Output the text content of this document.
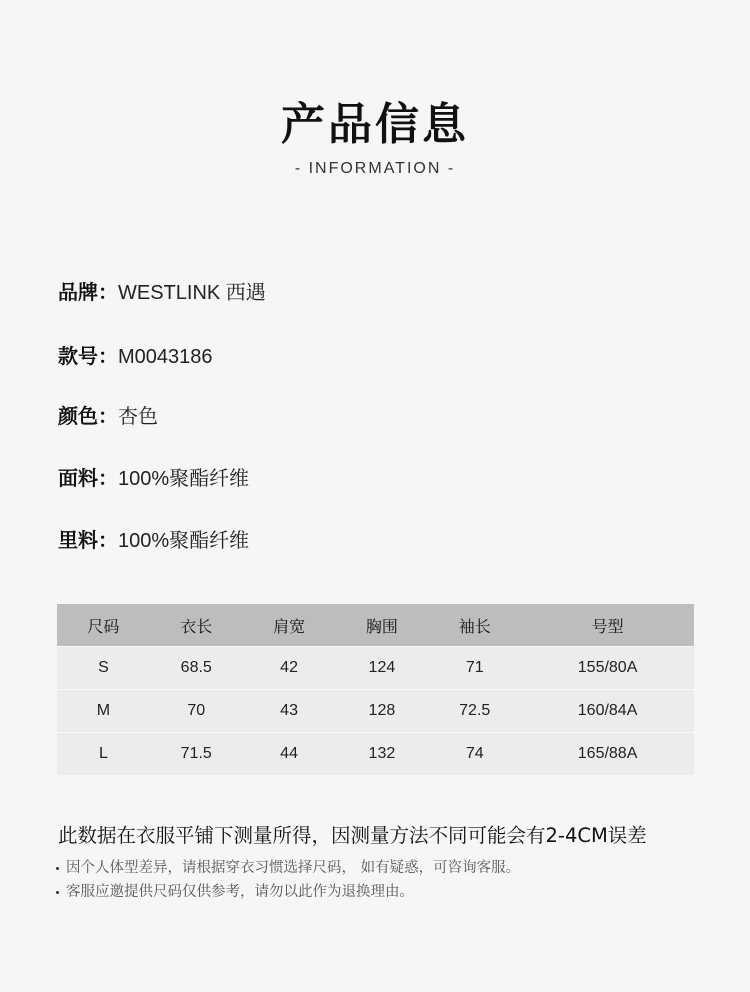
产品信息
- INFORMATION -
品牌：WESTLINK 西遇
款号：M0043186
颜色：杏色
面料：100%聚酯纤维
里料：100%聚酯纤维
尺码	衣长	肩宽	胸围	袖长	号型
S	68.5	42	124	71	155/80A
M	70	43	128	72.5	160/84A
L	71.5	44	132	74	165/88A
此数据在衣服平铺下测量所得，因测量方法不同可能会有2-4CM误差
因个人体型差异，请根据穿衣习惯选择尺码， 如有疑惑，可咨询客服。
客服应邀提供尺码仅供参考，请勿以此作为退换理由。
